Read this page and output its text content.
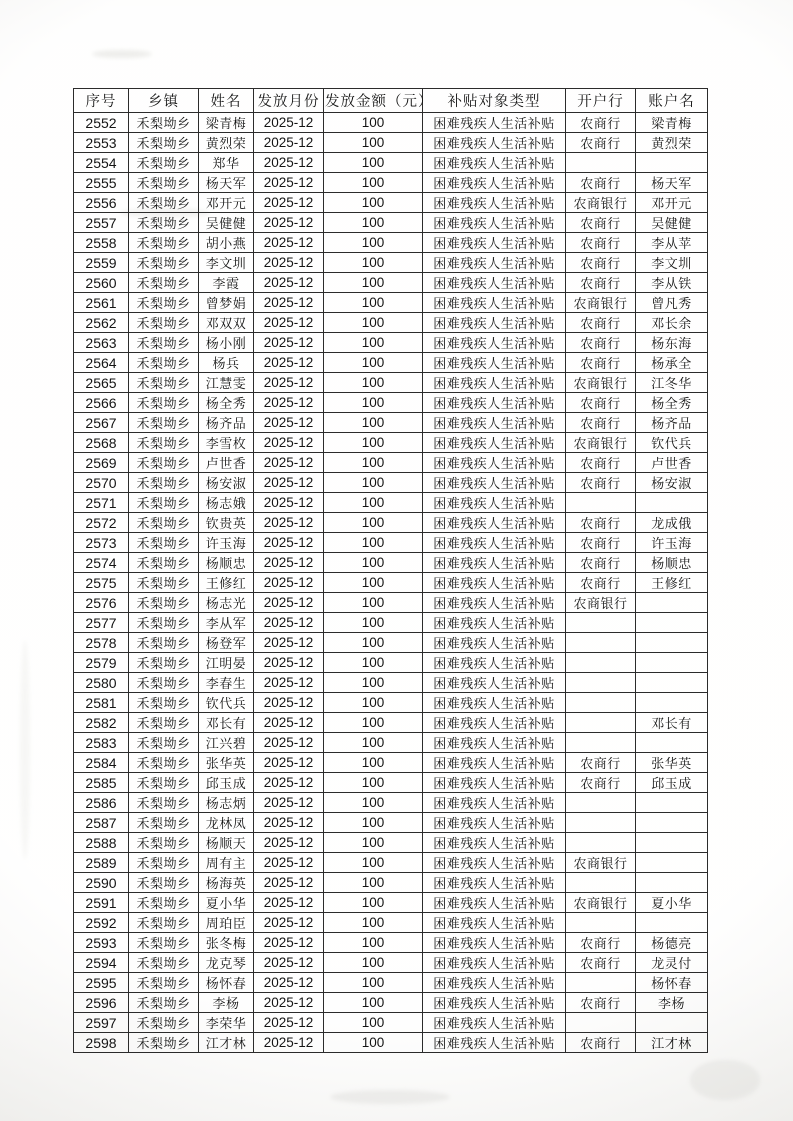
序号	乡镇	姓名	发放月份	发放金额（元）	补贴对象类型	开户行	账户名
2552	禾梨坳乡	梁青梅	2025-12	100	困难残疾人生活补贴	农商行	梁青梅
2553	禾梨坳乡	黄烈荣	2025-12	100	困难残疾人生活补贴	农商行	黄烈荣
2554	禾梨坳乡	郑华	2025-12	100	困难残疾人生活补贴		
2555	禾梨坳乡	杨天军	2025-12	100	困难残疾人生活补贴	农商行	杨天军
2556	禾梨坳乡	邓开元	2025-12	100	困难残疾人生活补贴	农商银行	邓开元
2557	禾梨坳乡	吴健健	2025-12	100	困难残疾人生活补贴	农商行	吴健健
2558	禾梨坳乡	胡小燕	2025-12	100	困难残疾人生活补贴	农商行	李从苹
2559	禾梨坳乡	李文圳	2025-12	100	困难残疾人生活补贴	农商行	李文圳
2560	禾梨坳乡	李霞	2025-12	100	困难残疾人生活补贴	农商行	李从铁
2561	禾梨坳乡	曾梦娟	2025-12	100	困难残疾人生活补贴	农商银行	曾凡秀
2562	禾梨坳乡	邓双双	2025-12	100	困难残疾人生活补贴	农商行	邓长余
2563	禾梨坳乡	杨小刚	2025-12	100	困难残疾人生活补贴	农商行	杨东海
2564	禾梨坳乡	杨兵	2025-12	100	困难残疾人生活补贴	农商行	杨承全
2565	禾梨坳乡	江慧雯	2025-12	100	困难残疾人生活补贴	农商银行	江冬华
2566	禾梨坳乡	杨全秀	2025-12	100	困难残疾人生活补贴	农商行	杨全秀
2567	禾梨坳乡	杨齐品	2025-12	100	困难残疾人生活补贴	农商行	杨齐品
2568	禾梨坳乡	李雪枚	2025-12	100	困难残疾人生活补贴	农商银行	钦代兵
2569	禾梨坳乡	卢世香	2025-12	100	困难残疾人生活补贴	农商行	卢世香
2570	禾梨坳乡	杨安淑	2025-12	100	困难残疾人生活补贴	农商行	杨安淑
2571	禾梨坳乡	杨志娥	2025-12	100	困难残疾人生活补贴		
2572	禾梨坳乡	钦贵英	2025-12	100	困难残疾人生活补贴	农商行	龙成俄
2573	禾梨坳乡	许玉海	2025-12	100	困难残疾人生活补贴	农商行	许玉海
2574	禾梨坳乡	杨顺忠	2025-12	100	困难残疾人生活补贴	农商行	杨顺忠
2575	禾梨坳乡	王修红	2025-12	100	困难残疾人生活补贴	农商行	王修红
2576	禾梨坳乡	杨志光	2025-12	100	困难残疾人生活补贴	农商银行	
2577	禾梨坳乡	李从军	2025-12	100	困难残疾人生活补贴		
2578	禾梨坳乡	杨登军	2025-12	100	困难残疾人生活补贴		
2579	禾梨坳乡	江明晏	2025-12	100	困难残疾人生活补贴		
2580	禾梨坳乡	李春生	2025-12	100	困难残疾人生活补贴		
2581	禾梨坳乡	钦代兵	2025-12	100	困难残疾人生活补贴		
2582	禾梨坳乡	邓长有	2025-12	100	困难残疾人生活补贴		邓长有
2583	禾梨坳乡	江兴碧	2025-12	100	困难残疾人生活补贴		
2584	禾梨坳乡	张华英	2025-12	100	困难残疾人生活补贴	农商行	张华英
2585	禾梨坳乡	邱玉成	2025-12	100	困难残疾人生活补贴	农商行	邱玉成
2586	禾梨坳乡	杨志炳	2025-12	100	困难残疾人生活补贴		
2587	禾梨坳乡	龙林凤	2025-12	100	困难残疾人生活补贴		
2588	禾梨坳乡	杨顺天	2025-12	100	困难残疾人生活补贴		
2589	禾梨坳乡	周有主	2025-12	100	困难残疾人生活补贴	农商银行	
2590	禾梨坳乡	杨海英	2025-12	100	困难残疾人生活补贴		
2591	禾梨坳乡	夏小华	2025-12	100	困难残疾人生活补贴	农商银行	夏小华
2592	禾梨坳乡	周珀臣	2025-12	100	困难残疾人生活补贴		
2593	禾梨坳乡	张冬梅	2025-12	100	困难残疾人生活补贴	农商行	杨德亮
2594	禾梨坳乡	龙克琴	2025-12	100	困难残疾人生活补贴	农商行	龙灵付
2595	禾梨坳乡	杨怀春	2025-12	100	困难残疾人生活补贴		杨怀春
2596	禾梨坳乡	李杨	2025-12	100	困难残疾人生活补贴	农商行	李杨
2597	禾梨坳乡	李荣华	2025-12	100	困难残疾人生活补贴		
2598	禾梨坳乡	江才林	2025-12	100	困难残疾人生活补贴	农商行	江才林
